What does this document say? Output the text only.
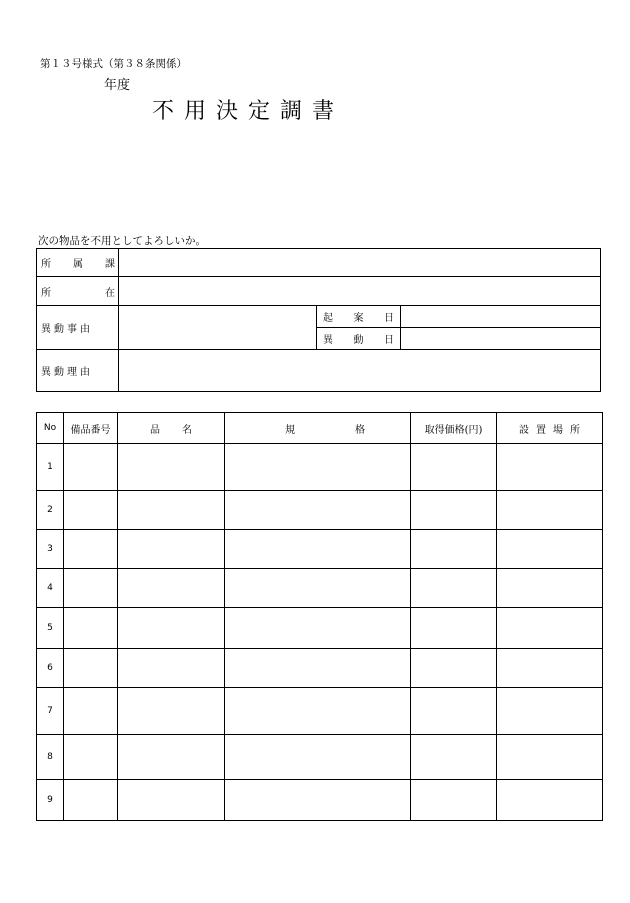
第１３号様式（第３８条関係）
年度
不用決定調書
次の物品を不用としてよろしいか。
所属課			
所在			
異動事由		起案日	
		異動日	
異動理由			
No	備品番号	品名	規格	取得価格(円)	設置場所
1					
2					
3					
4					
5					
6					
7					
8					
9					
